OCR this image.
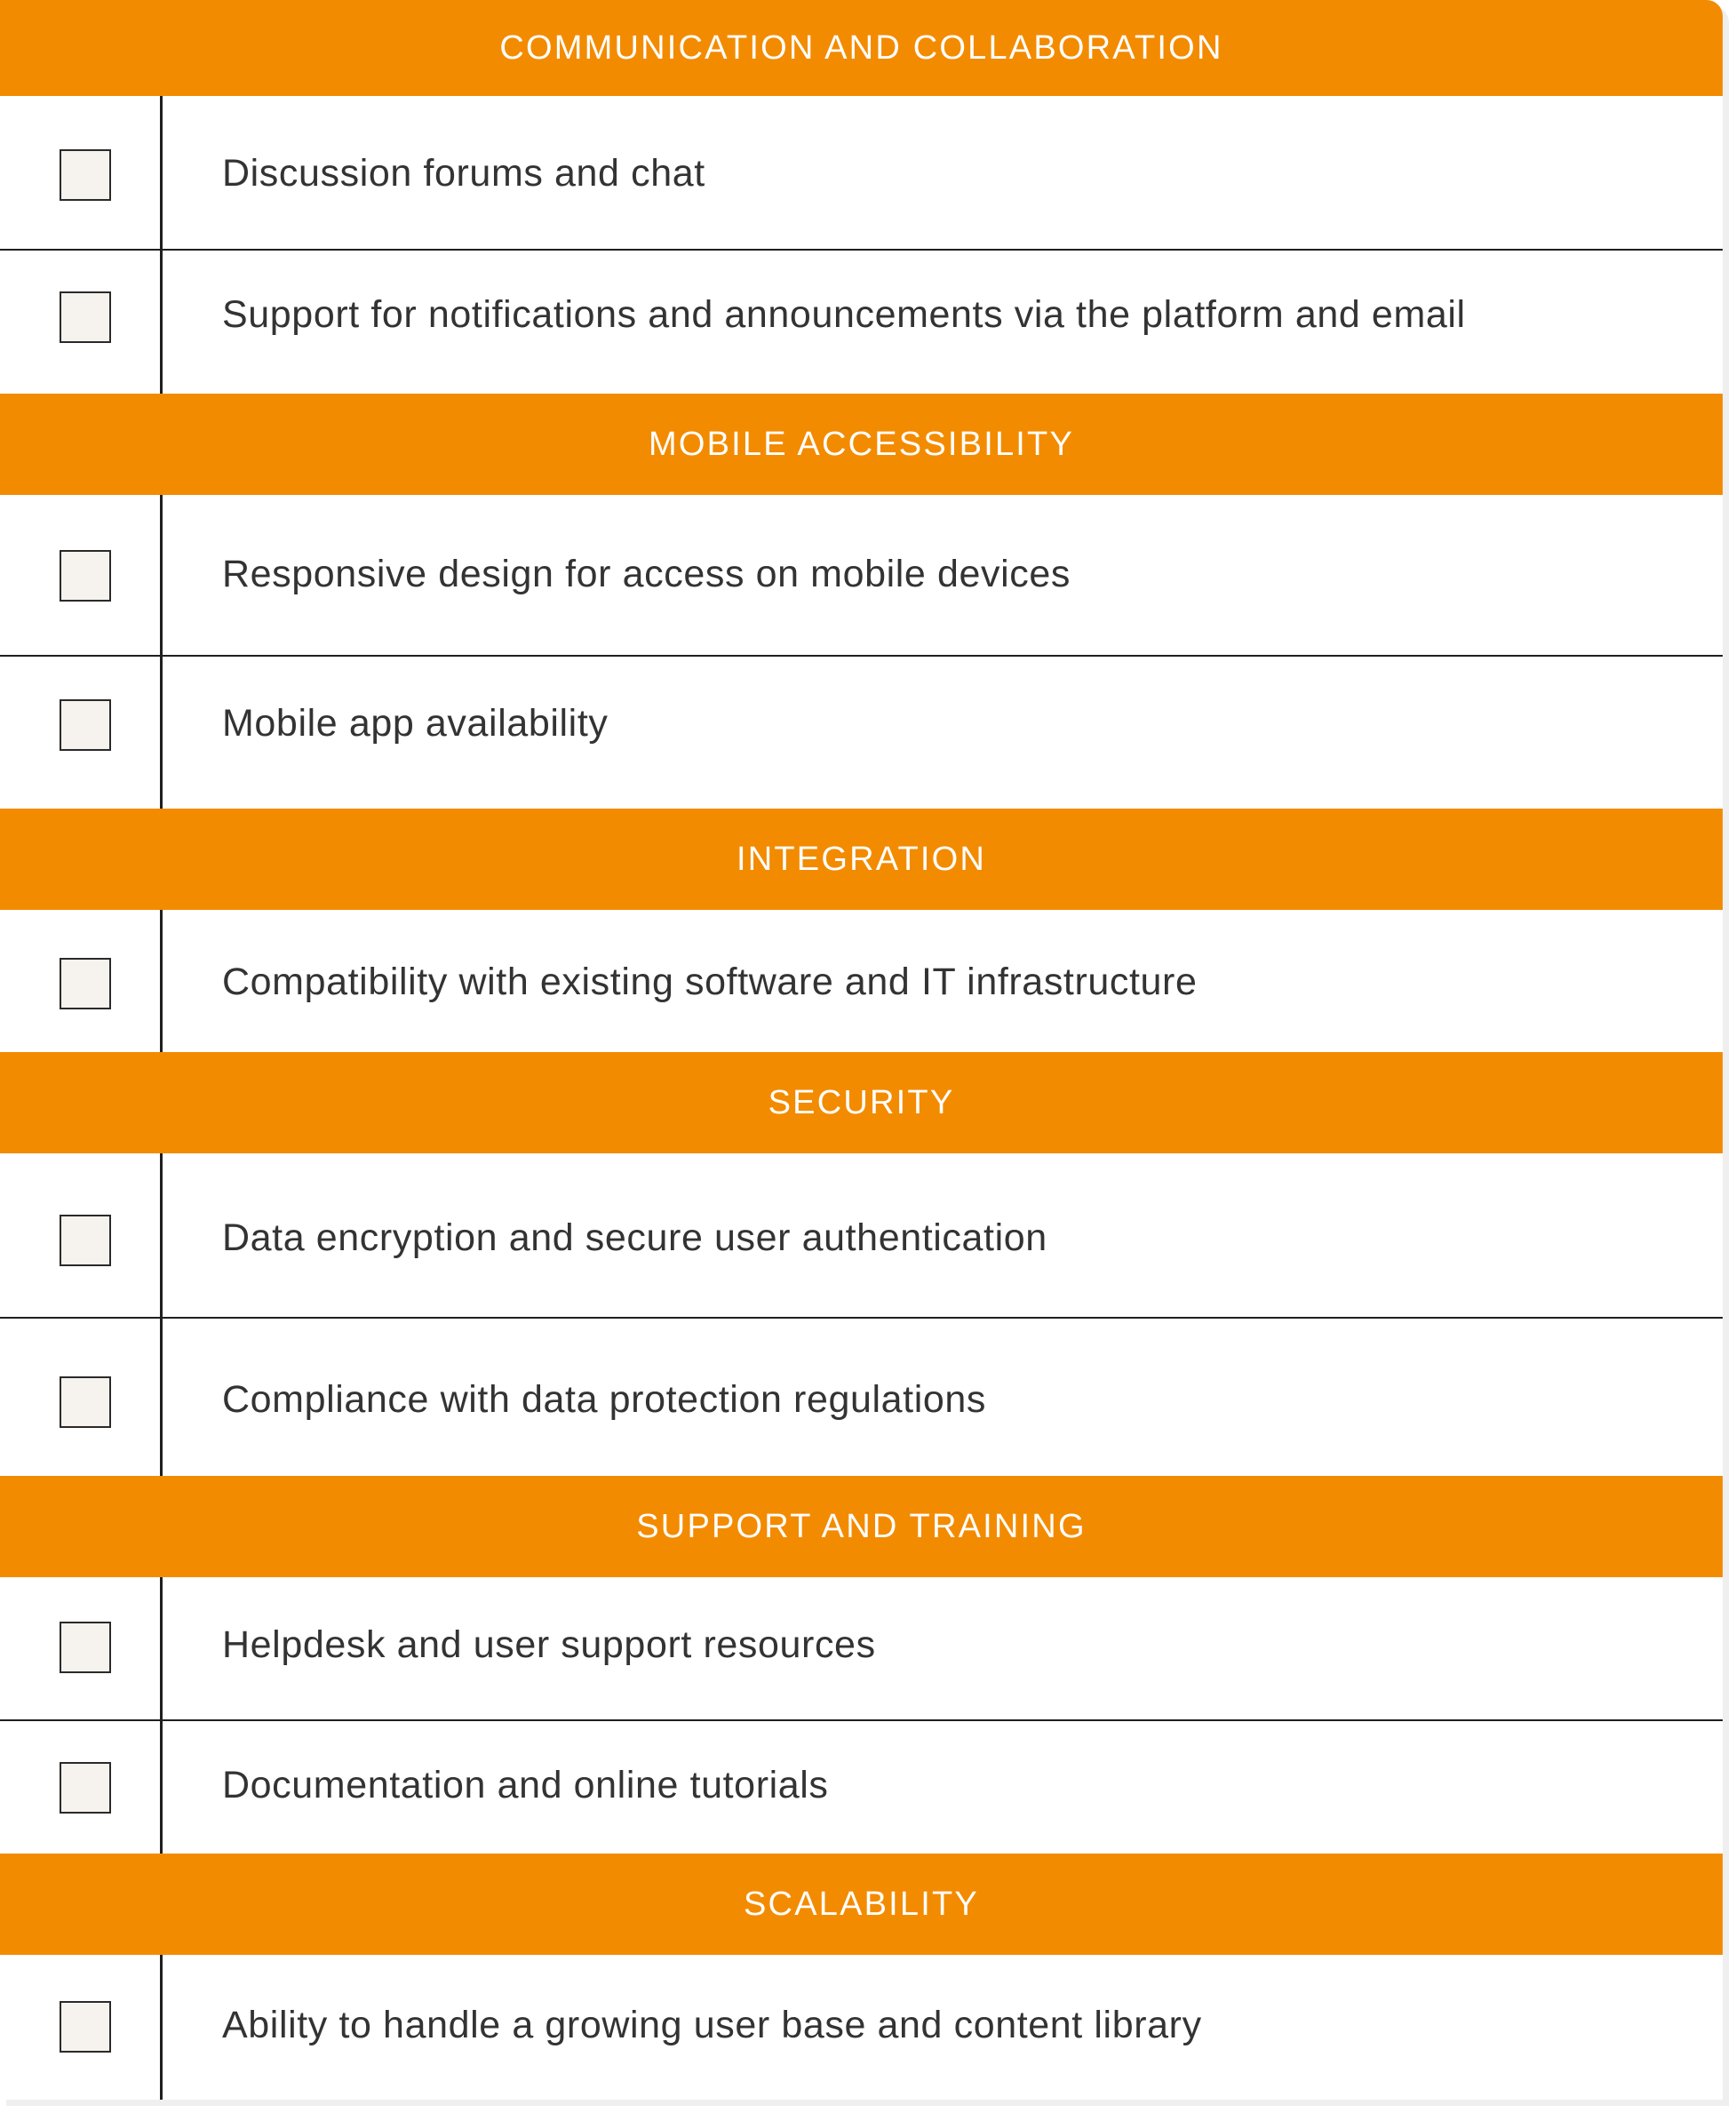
COMMUNICATION AND COLLABORATION
Discussion forums and chat
Support for notifications and announcements via the platform and email
MOBILE ACCESSIBILITY
Responsive design for access on mobile devices
Mobile app availability
INTEGRATION
Compatibility with existing software and IT infrastructure
SECURITY
Data encryption and secure user authentication
Compliance with data protection regulations
SUPPORT AND TRAINING
Helpdesk and user support resources
Documentation and online tutorials
SCALABILITY
Ability to handle a growing user base and content library
